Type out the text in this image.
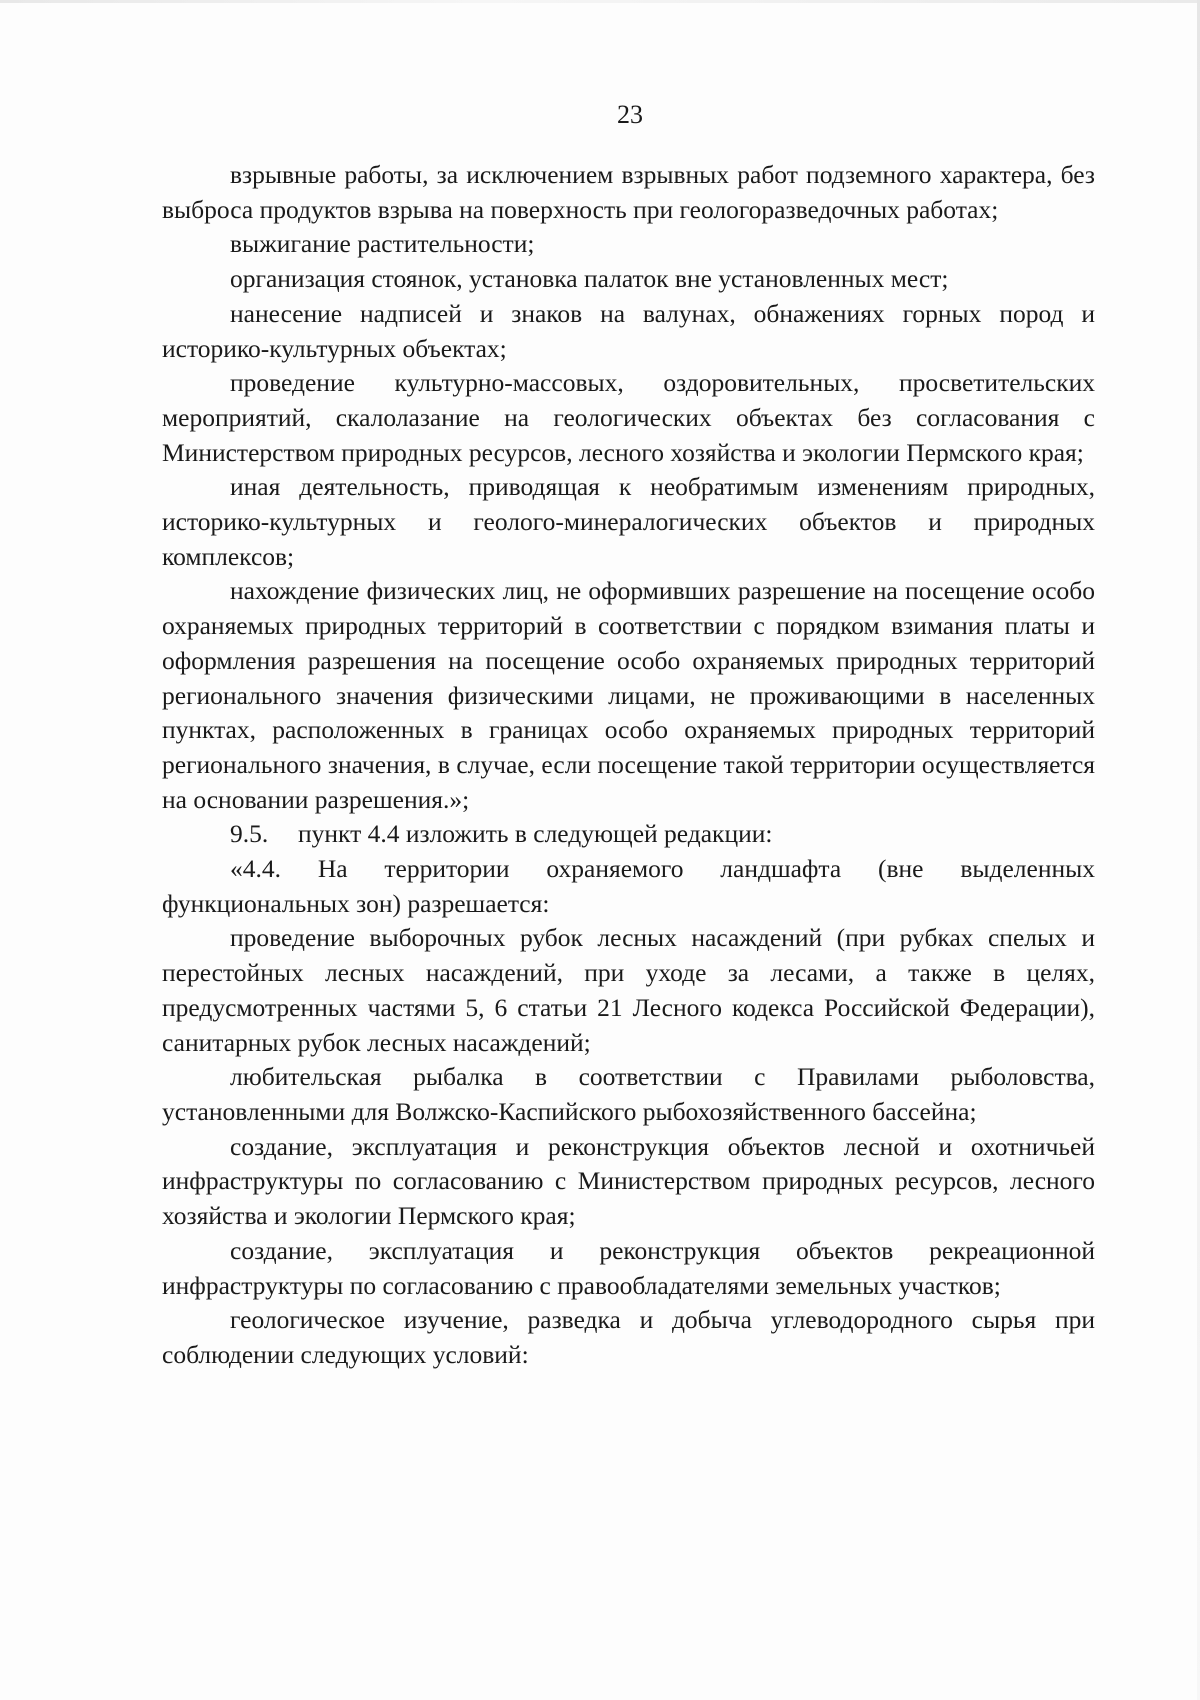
23

взрывные работы, за исключением взрывных работ подземного характера, без выброса продуктов взрыва на поверхность при геологоразведочных работах;

выжигание растительности;

организация стоянок, установка палаток вне установленных мест;

нанесение надписей и знаков на валунах, обнажениях горных пород и историко-культурных объектах;

проведение культурно-массовых, оздоровительных, просветительских мероприятий, скалолазание на геологических объектах без согласования с Министерством природных ресурсов, лесного хозяйства и экологии Пермского края;

иная деятельность, приводящая к необратимым изменениям природных, историко-культурных и геолого-минералогических объектов и природных комплексов;

нахождение физических лиц, не оформивших разрешение на посещение особо охраняемых природных территорий в соответствии с порядком взимания платы и оформления разрешения на посещение особо охраняемых природных территорий регионального значения физическими лицами, не проживающими в населенных пунктах, расположенных в границах особо охраняемых природных территорий регионального значения, в случае, если посещение такой территории осуществляется на основании разрешения.»;

9.5. пункт 4.4 изложить в следующей редакции:

«4.4. На территории охраняемого ландшафта (вне выделенных функциональных зон) разрешается:

проведение выборочных рубок лесных насаждений (при рубках спелых и перестойных лесных насаждений, при уходе за лесами, а также в целях, предусмотренных частями 5, 6 статьи 21 Лесного кодекса Российской Федерации), санитарных рубок лесных насаждений;

любительская рыбалка в соответствии с Правилами рыболовства, установленными для Волжско-Каспийского рыбохозяйственного бассейна;

создание, эксплуатация и реконструкция объектов лесной и охотничьей инфраструктуры по согласованию с Министерством природных ресурсов, лесного хозяйства и экологии Пермского края;

создание, эксплуатация и реконструкция объектов рекреационной инфраструктуры по согласованию с правообладателями земельных участков;

геологическое изучение, разведка и добыча углеводородного сырья при соблюдении следующих условий:
